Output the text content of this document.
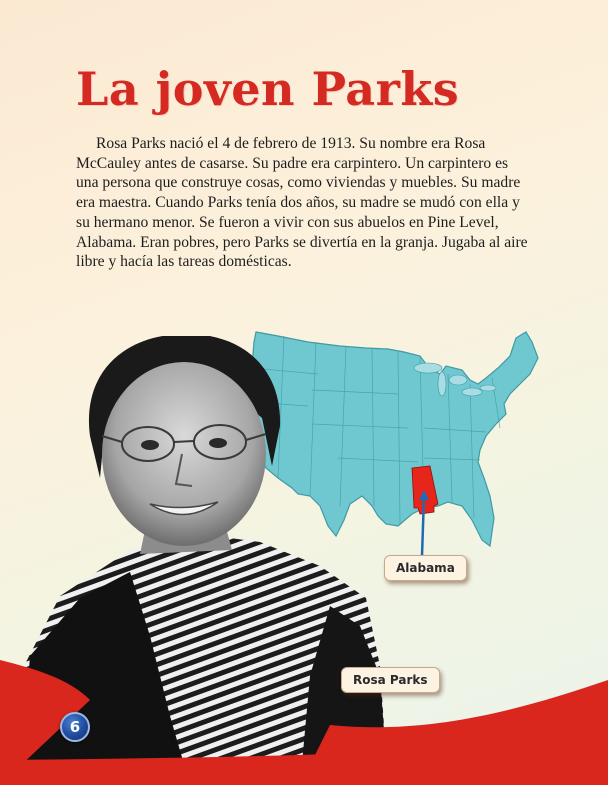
La joven Parks

Rosa Parks nació el 4 de febrero de 1913. Su nombre era Rosa McCauley antes de casarse. Su padre era carpintero. Un carpintero es una persona que construye cosas, como viviendas y muebles. Su madre era maestra. Cuando Parks tenía dos años, su madre se mudó con ella y su hermano menor. Se fueron a vivir con sus abuelos en Pine Level, Alabama. Eran pobres, pero Parks se divertía en la granja. Jugaba al aire libre y hacía las tareas domésticas.

Alabama
Rosa Parks
6
